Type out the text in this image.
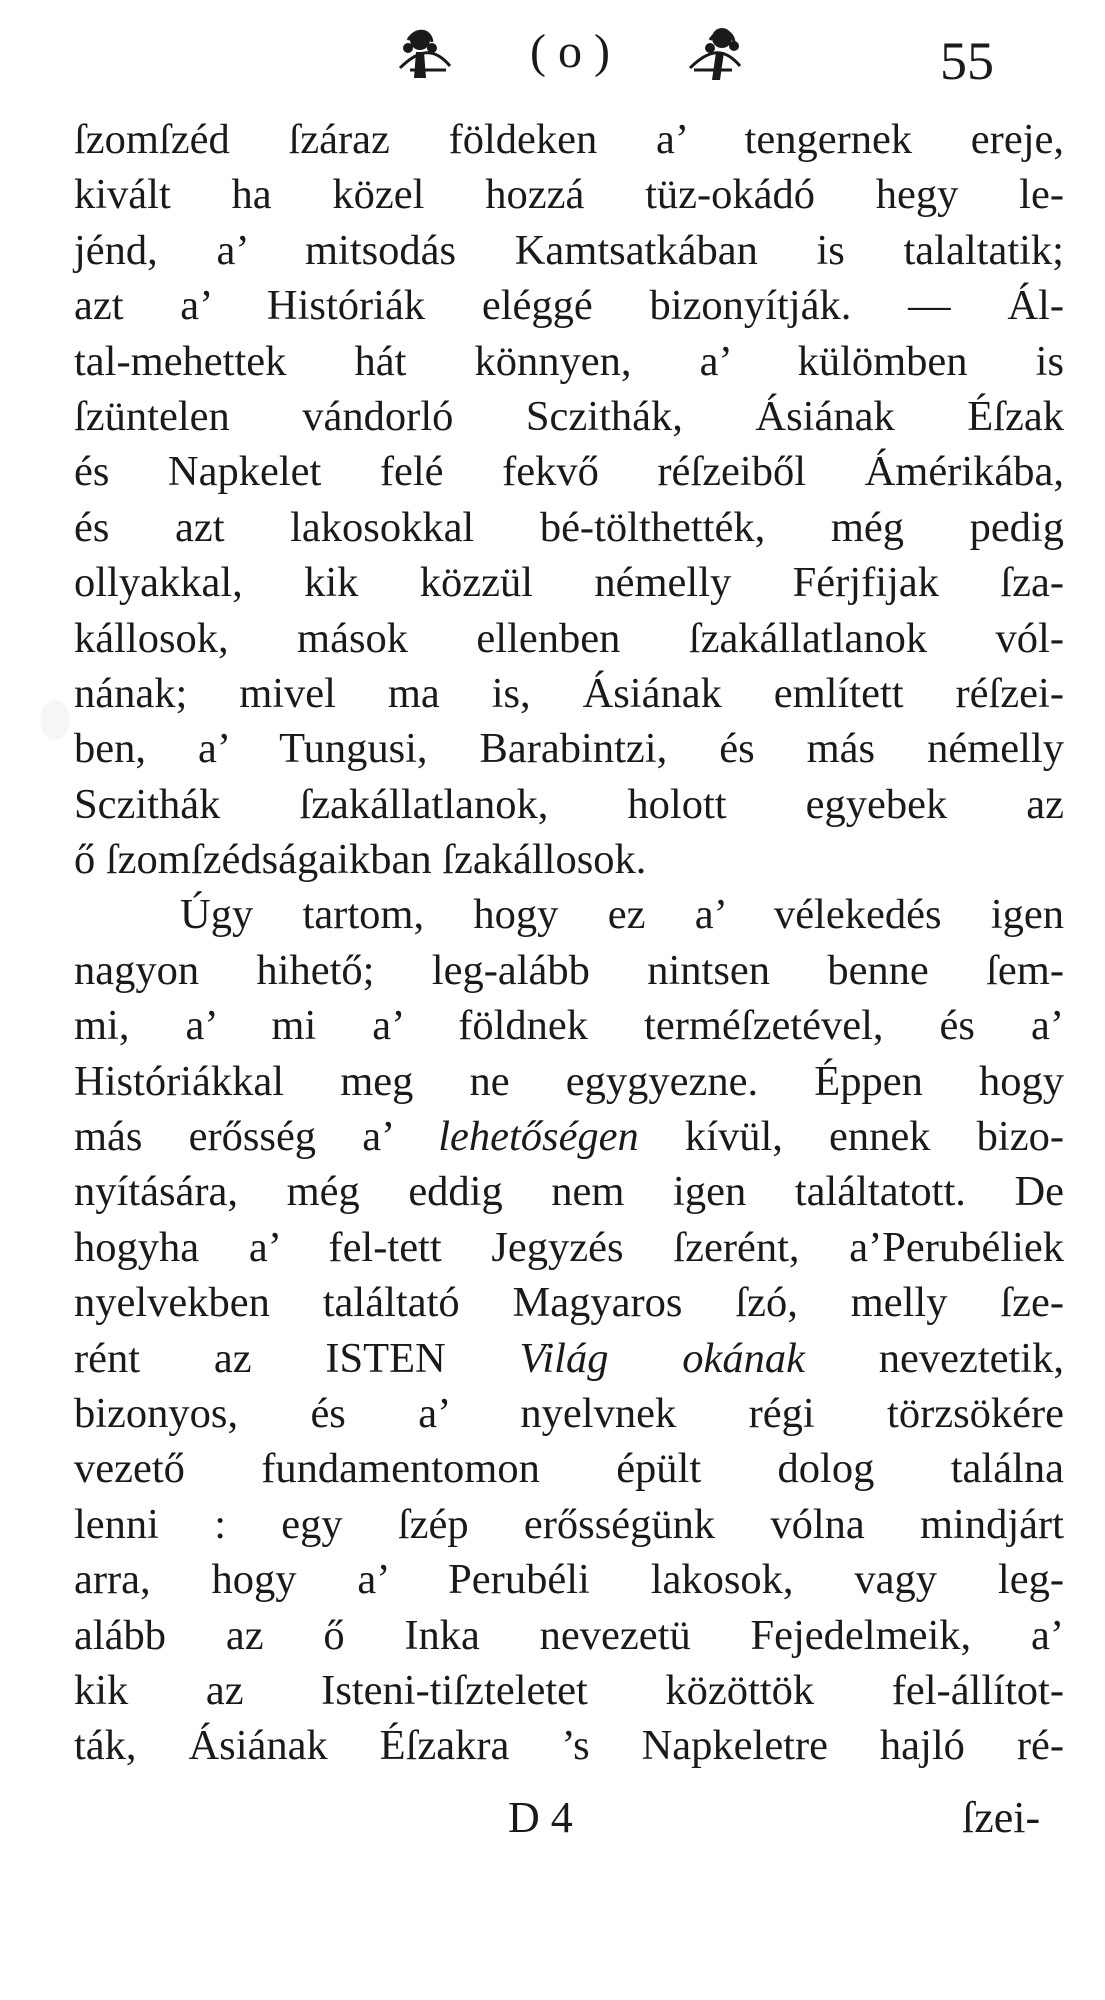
( o )	55
ſzomſzéd ſzáraz földeken a’ tengernek ereje,
kivált ha közel hozzá tüz-okádó hegy le-
jénd, a’ mitsodás Kamtsatkában is talaltatik;
azt a’ Históriák eléggé bizonyítják. — Ál-
tal-mehettek hát könnyen, a’ külömben is
ſzüntelen vándorló Sczithák, Ásiának Éſzak
és Napkelet felé fekvő réſzeiből Ámérikába,
és azt lakosokkal bé-tölthették, még pedig
ollyakkal, kik közzül némelly Férjfijak ſza-
kállosok, mások ellenben ſzakállatlanok vól-
nának; mivel ma is, Ásiának említett réſzei-
ben, a’ Tungusi, Barabintzi, és más némelly
Sczithák ſzakállatlanok, holott egyebek az
ő ſzomſzédságaikban ſzakállosok.
Úgy tartom, hogy ez a’ vélekedés igen
nagyon hihető; leg-alább nintsen benne ſem-
mi, a’ mi a’ földnek terméſzetével, és a’
Históriákkal meg ne egygyezne. Éppen hogy
más erősség a’ lehetőségen kívül, ennek bizo-
nyítására, még eddig nem igen találtatott. De
hogyha a’ fel-tett Jegyzés ſzerént, a’Perubéliek
nyelvekben találtató Magyaros ſzó, melly ſze-
rént az ISTEN Világ okának neveztetik,
bizonyos, és a’ nyelvnek régi törzsökére
vezető fundamentomon épült dolog találna
lenni : egy ſzép erősségünk vólna mindjárt
arra, hogy a’ Perubéli lakosok, vagy leg-
alább az ő Inka nevezetü Fejedelmeik, a’
kik az Isteni-tiſzteletet közöttök fel-állítot-
ták, Ásiának Éſzakra ’s Napkeletre hajló ré-
D 4	ſzei-
